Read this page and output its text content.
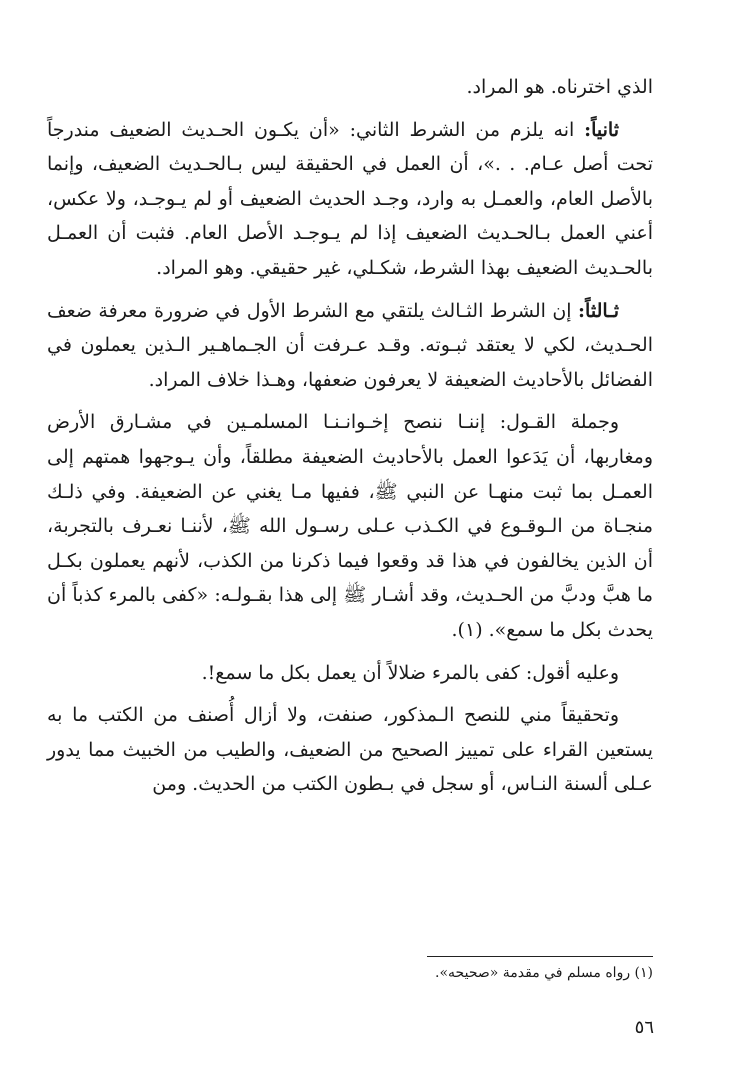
الذي اخترناه. هو المراد.

ثانياً: انه يلزم من الشرط الثاني: «أن يكـون الحـديث الضعيف مندرجاً تحت أصل عـام. . .»، أن العمل في الحقيقة ليس بـالحـديث الضعيف، وإنما بالأصل العام، والعمـل به وارد، وجـد الحديث الضعيف أو لم يـوجـد، ولا عكس، أعني العمل بـالحـديث الضعيف إذا لم يـوجـد الأصل العام. فثبت أن العمـل بالحـديث الضعيف بهذا الشرط، شكـلي، غير حقيقي. وهو المراد.

ثـالثاً: إن الشرط الثـالث يلتقي مع الشرط الأول في ضرورة معرفة ضعف الحـديث، لكي لا يعتقد ثبـوته. وقـد عـرفت أن الجـماهـير الـذين يعملون في الفضائل بالأحاديث الضعيفة لا يعرفون ضعفها، وهـذا خلاف المراد.

وجملة القـول: إننـا ننصح إخـوانـنـا المسلمـين في مشـارق الأرض ومغاربها، أن يَدَعوا العمل بالأحاديث الضعيفة مطلقاً، وأن يـوجهوا همتهم إلى العمـل بما ثبت منهـا عن النبي ﷺ، ففيها مـا يغني عن الضعيفة. وفي ذلـك منجـاة من الـوقـوع في الكـذب عـلى رسـول الله ﷺ، لأننـا نعـرف بالتجربة، أن الذين يخالفون في هذا قد وقعوا فيما ذكرنا من الكذب، لأنهم يعملون بكـل ما هبَّ ودبَّ من الحـديث، وقد أشـار ﷺ إلى هذا بقـولـه: «كفى بالمرء كذباً أن يحدث بكل ما سمع». (١).

وعليه أقول: كفى بالمرء ضلالاً أن يعمل بكل ما سمع!.

وتحقيقاً مني للنصح الـمذكور، صنفت، ولا أزال أُصنف من الكتب ما به يستعين القراء على تمييز الصحيح من الضعيف، والطيب من الخبيث مما يدور عـلى ألسنة النـاس، أو سجل في بـطون الكتب من الحديث. ومن

(١) رواه مسلم في مقدمة «صحيحه».
٥٦
